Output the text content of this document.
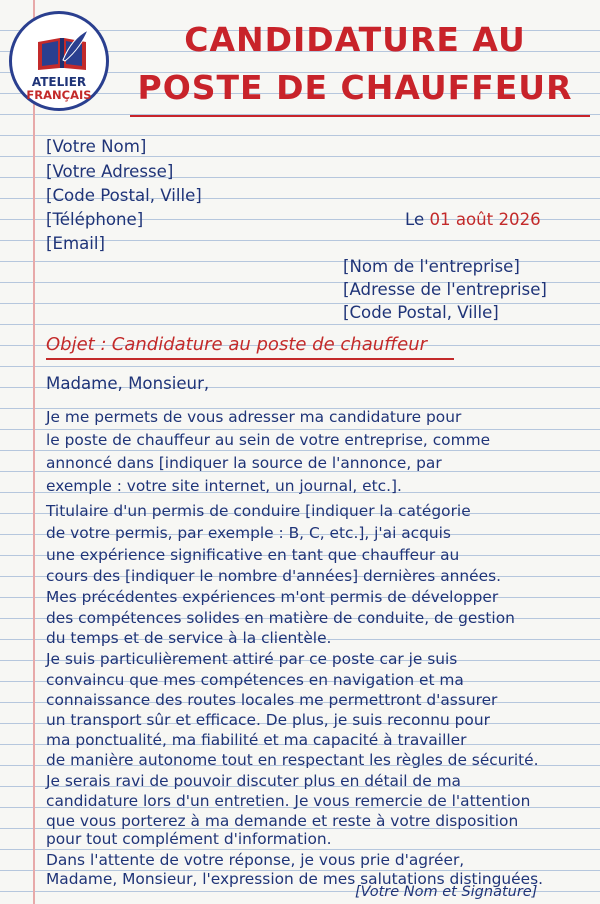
ATELIER
FRANÇAIS
CANDIDATURE AU
POSTE DE CHAUFFEUR
[Votre Nom]
[Votre Adresse]
[Code Postal, Ville]
[Téléphone]
[Email]
Le 01 août 2026
[Nom de l'entreprise]
[Adresse de l'entreprise]
[Code Postal, Ville]
Objet : Candidature au poste de chauffeur
Madame, Monsieur,
Je me permets de vous adresser ma candidature pour
le poste de chauffeur au sein de votre entreprise, comme
annoncé dans [indiquer la source de l'annonce, par
exemple : votre site internet, un journal, etc.].
Titulaire d'un permis de conduire [indiquer la catégorie
de votre permis, par exemple : B, C, etc.], j'ai acquis
une expérience significative en tant que chauffeur au
cours des [indiquer le nombre d'années] dernières années.
Mes précédentes expériences m'ont permis de développer
des compétences solides en matière de conduite, de gestion
du temps et de service à la clientèle.
Je suis particulièrement attiré par ce poste car je suis
convaincu que mes compétences en navigation et ma
connaissance des routes locales me permettront d'assurer
un transport sûr et efficace. De plus, je suis reconnu pour
ma ponctualité, ma fiabilité et ma capacité à travailler
de manière autonome tout en respectant les règles de sécurité.
Je serais ravi de pouvoir discuter plus en détail de ma
candidature lors d'un entretien. Je vous remercie de l'attention
que vous porterez à ma demande et reste à votre disposition
pour tout complément d'information.
Dans l'attente de votre réponse, je vous prie d'agréer,
Madame, Monsieur, l'expression de mes salutations distinguées.
[Votre Nom et Signature]
